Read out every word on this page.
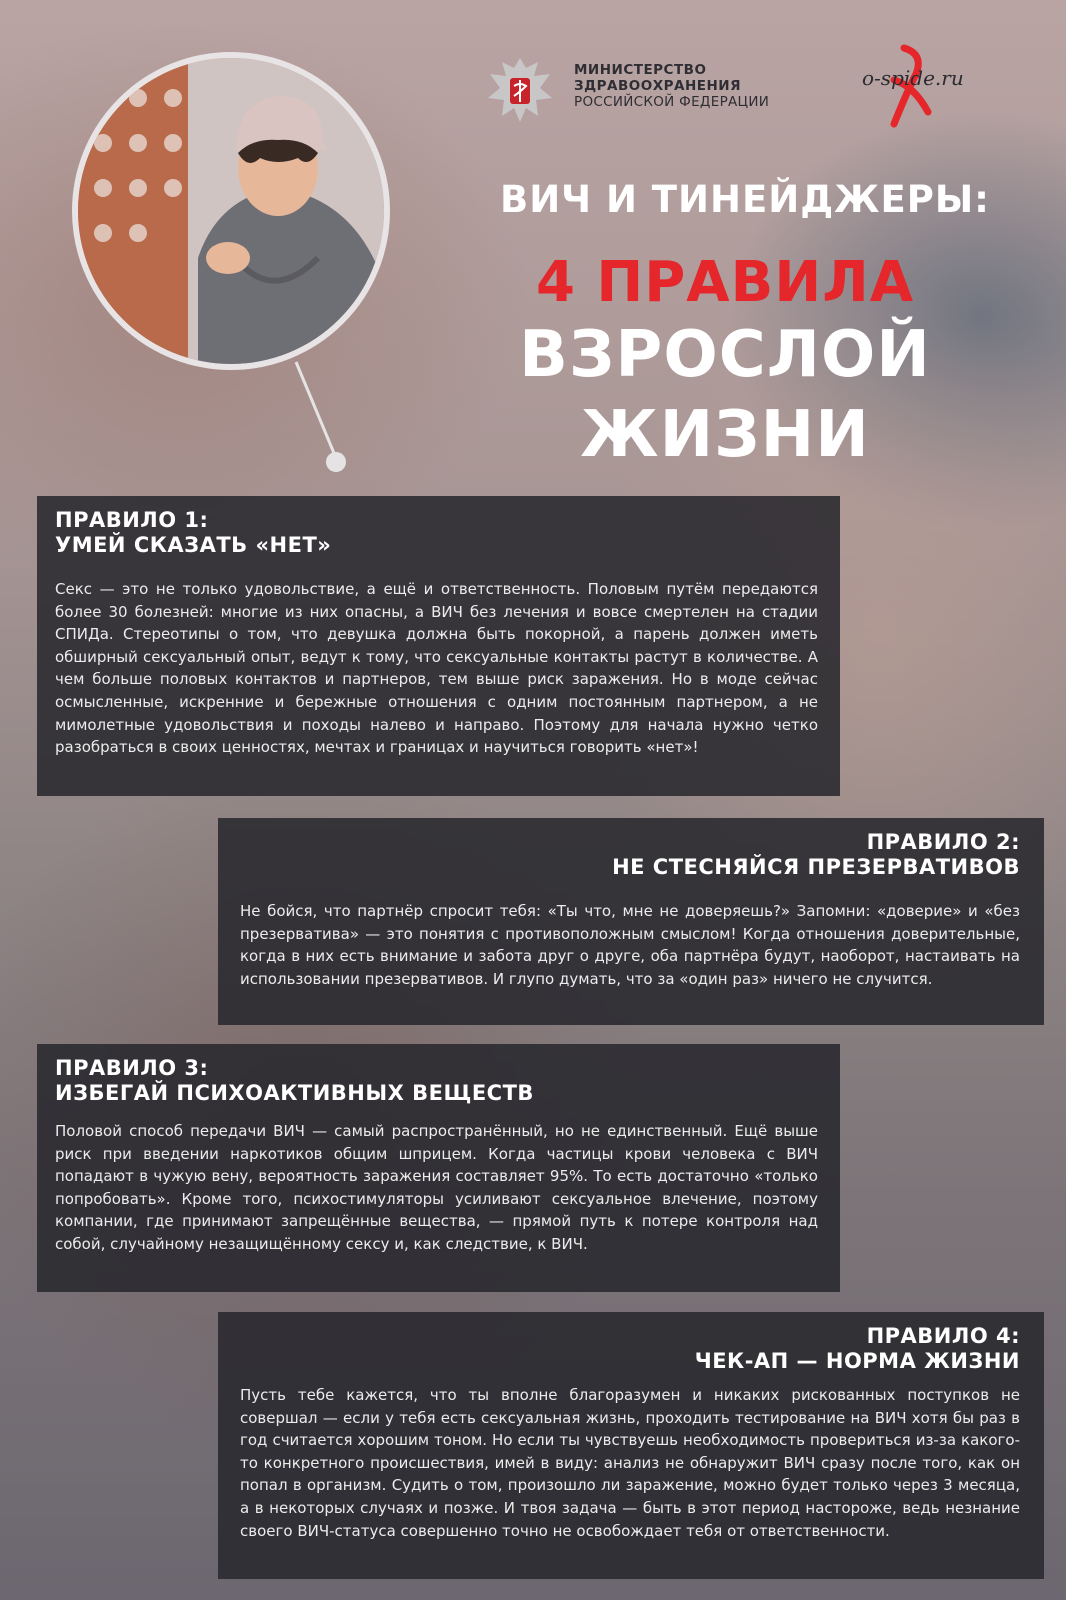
МИНИСТЕРСТВО
ЗДРАВООХРАНЕНИЯ
РОССИЙСКОЙ ФЕДЕРАЦИИ
o-spide.ru
ВИЧ И ТИНЕЙДЖЕРЫ:
4 ПРАВИЛА
ВЗРОСЛОЙ
ЖИЗНИ
ПРАВИЛО 1:
УМЕЙ СКАЗАТЬ «НЕТ»
Секс — это не только удовольствие, а ещё и ответственность. Половым путём передаются более 30 болезней: многие из них опасны, а ВИЧ без лечения и вовсе смертелен на стадии СПИДа. Стереотипы о том, что девушка должна быть покорной, а парень должен иметь обширный сексуальный опыт, ведут к тому, что сексуальные контакты растут в количестве. А чем больше половых контактов и партнеров, тем выше риск заражения. Но в моде сейчас осмысленные, искренние и бережные отношения с одним постоянным партнером, а не мимолетные удовольствия и походы налево и направо. Поэтому для начала нужно четко разобраться в своих ценностях, мечтах и границах и научиться говорить «нет»!
ПРАВИЛО 2:
НЕ СТЕСНЯЙСЯ ПРЕЗЕРВАТИВОВ
Не бойся, что партнёр спросит тебя: «Ты что, мне не доверяешь?» Запомни: «доверие» и «без презерватива» — это понятия с противоположным смыслом! Когда отношения доверительные, когда в них есть внимание и забота друг о друге, оба партнёра будут, наоборот, настаивать на использовании презервативов. И глупо думать, что за «один раз» ничего не случится.
ПРАВИЛО 3:
ИЗБЕГАЙ ПСИХОАКТИВНЫХ ВЕЩЕСТВ
Половой способ передачи ВИЧ — самый распространённый, но не единственный. Ещё выше риск при введении наркотиков общим шприцем. Когда частицы крови человека с ВИЧ попадают в чужую вену, вероятность заражения составляет 95%. То есть достаточно «только попробовать». Кроме того, психостимуляторы усиливают сексуальное влечение, поэтому компании, где принимают запрещённые вещества, — прямой путь к потере контроля над собой, случайному незащищённому сексу и, как следствие, к ВИЧ.
ПРАВИЛО 4:
ЧЕК-АП — НОРМА ЖИЗНИ
Пусть тебе кажется, что ты вполне благоразумен и никаких рискованных поступков не совершал — если у тебя есть сексуальная жизнь, проходить тестирование на ВИЧ хотя бы раз в год считается хорошим тоном. Но если ты чувствуешь необходимость провериться из-за какого-то конкретного происшествия, имей в виду: анализ не обнаружит ВИЧ сразу после того, как он попал в организм. Судить о том, произошло ли заражение, можно будет только через 3 месяца, а в некоторых случаях и позже. И твоя задача — быть в этот период настороже, ведь незнание своего ВИЧ-статуса совершенно точно не освобождает тебя от ответственности.
